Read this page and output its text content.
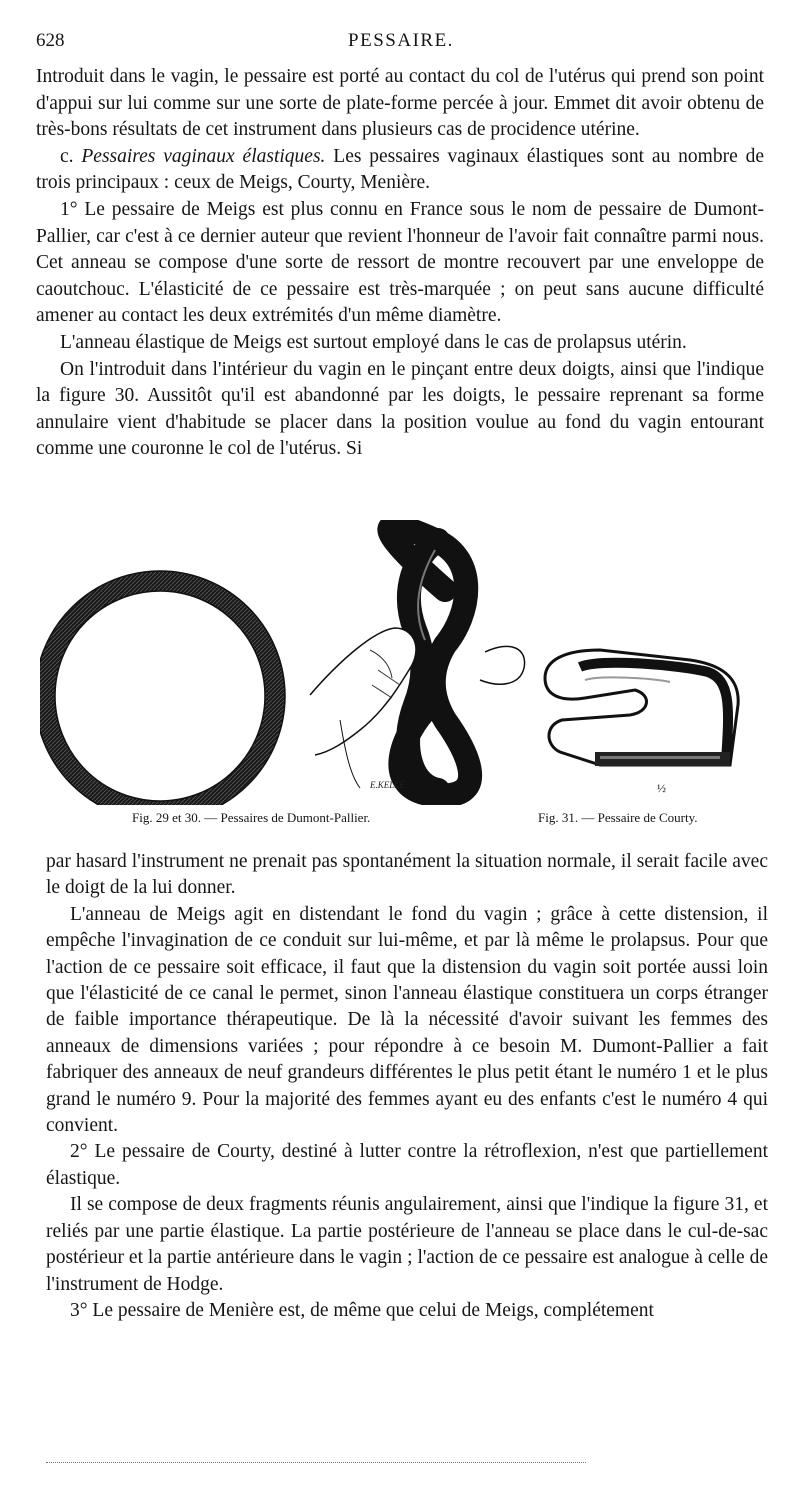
628	PESSAIRE.

Introduit dans le vagin, le pessaire est porté au contact du col de l'utérus qui prend son point d'appui sur lui comme sur une sorte de plate-forme percée à jour. Emmet dit avoir obtenu de très-bons résultats de cet instrument dans plusieurs cas de procidence utérine.

c. Pessaires vaginaux élastiques. Les pessaires vaginaux élastiques sont au nombre de trois principaux : ceux de Meigs, Courty, Menière.

1° Le pessaire de Meigs est plus connu en France sous le nom de pessaire de Dumont-Pallier, car c'est à ce dernier auteur que revient l'honneur de l'avoir fait connaître parmi nous. Cet anneau se compose d'une sorte de ressort de montre recouvert par une enveloppe de caoutchouc. L'élasticité de ce pessaire est très-marquée ; on peut sans aucune difficulté amener au contact les deux extrémités d'un même diamètre.

L'anneau élastique de Meigs est surtout employé dans le cas de prolapsus utérin.

On l'introduit dans l'intérieur du vagin en le pinçant entre deux doigts, ainsi que l'indique la figure 30. Aussitôt qu'il est abandonné par les doigts, le pessaire reprenant sa forme annulaire vient d'habitude se placer dans la position voulue au fond du vagin entourant comme une couronne le col de l'utérus. Si

E.KELLÉ	½
Fig. 29 et 30. — Pessaires de Dumont-Pallier.	Fig. 31. — Pessaire de Courty.

par hasard l'instrument ne prenait pas spontanément la situation normale, il serait facile avec le doigt de la lui donner.

L'anneau de Meigs agit en distendant le fond du vagin ; grâce à cette distension, il empêche l'invagination de ce conduit sur lui-même, et par là même le prolapsus. Pour que l'action de ce pessaire soit efficace, il faut que la distension du vagin soit portée aussi loin que l'élasticité de ce canal le permet, sinon l'anneau élastique constituera un corps étranger de faible importance thérapeutique. De là la nécessité d'avoir suivant les femmes des anneaux de dimensions variées ; pour répondre à ce besoin M. Dumont-Pallier a fait fabriquer des anneaux de neuf grandeurs différentes le plus petit étant le numéro 1 et le plus grand le numéro 9. Pour la majorité des femmes ayant eu des enfants c'est le numéro 4 qui convient.

2° Le pessaire de Courty, destiné à lutter contre la rétroflexion, n'est que partiellement élastique.

Il se compose de deux fragments réunis angulairement, ainsi que l'indique la figure 31, et reliés par une partie élastique. La partie postérieure de l'anneau se place dans le cul-de-sac postérieur et la partie antérieure dans le vagin ; l'action de ce pessaire est analogue à celle de l'instrument de Hodge.

3° Le pessaire de Menière est, de même que celui de Meigs, complétement
